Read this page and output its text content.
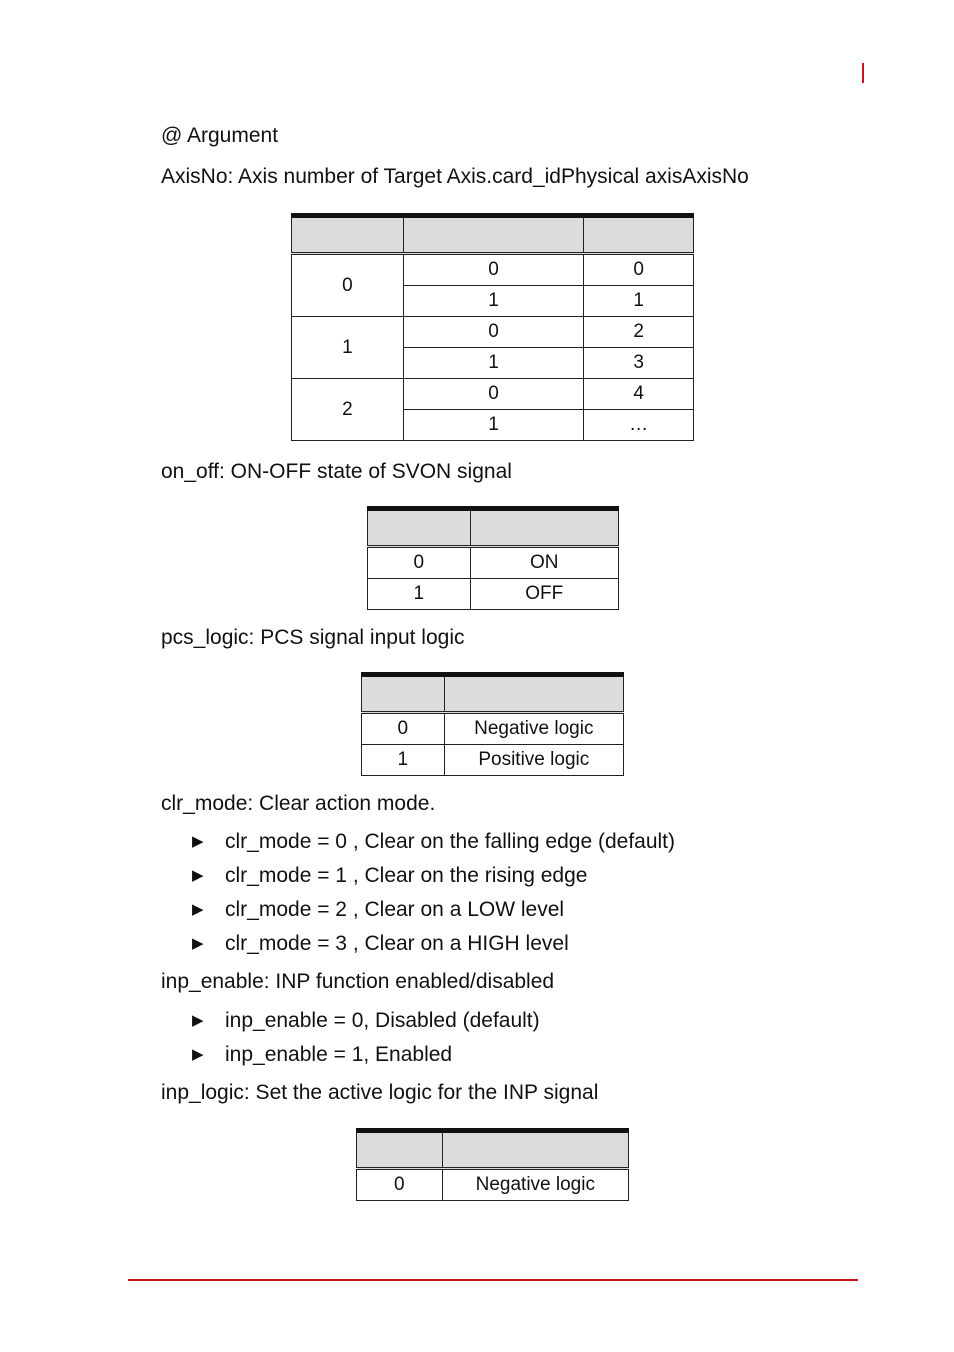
@ Argument
AxisNo: Axis number of Target Axis.card_idPhysical axisAxisNo

0	0	0
	1	1
1	0	2
	1	3
2	0	4
	1	…
on_off: ON-OFF state of SVON signal

0	ON
1	OFF
pcs_logic: PCS signal input logic

0	Negative logic
1	Positive logic
clr_mode: Clear action mode.
▶	clr_mode = 0 , Clear on the falling edge (default)
▶	clr_mode = 1 , Clear on the rising edge
▶	clr_mode = 2 , Clear on a LOW level
▶	clr_mode = 3 , Clear on a HIGH level
inp_enable: INP function enabled/disabled
▶	inp_enable = 0, Disabled (default)
▶	inp_enable = 1, Enabled
inp_logic: Set the active logic for the INP signal

0	Negative logic
